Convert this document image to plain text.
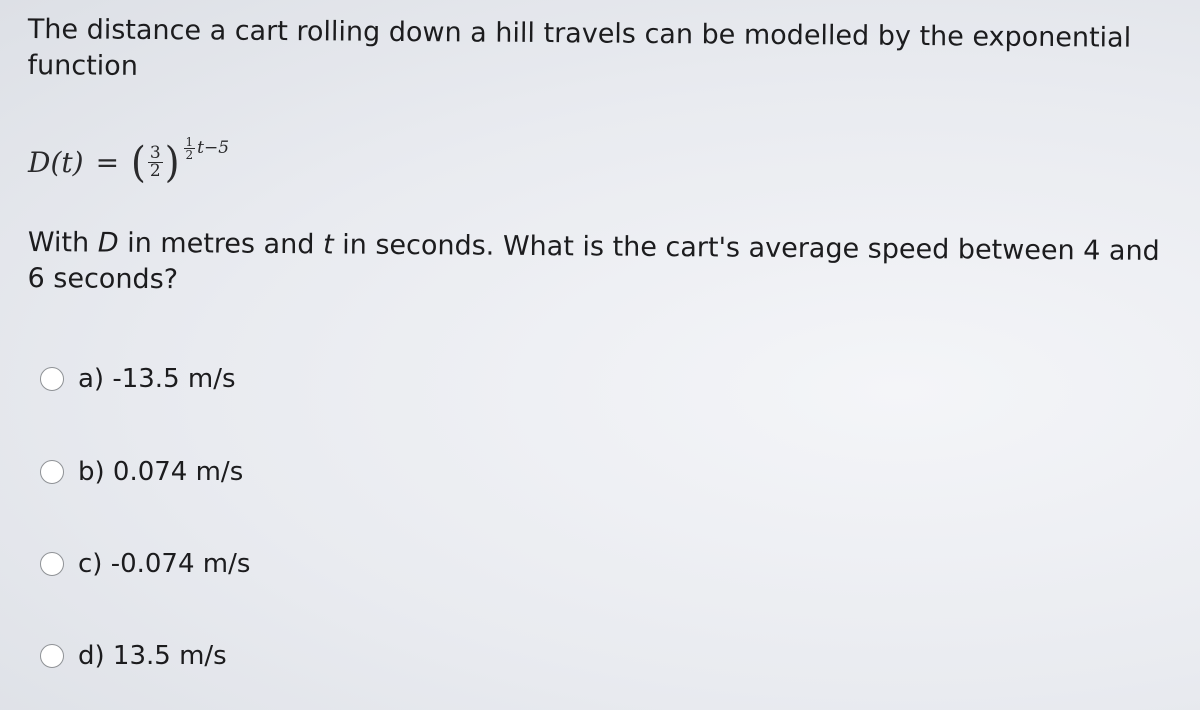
The distance a cart rolling down a hill travels can be modelled by the exponential function

D(t) = ( $\frac{3}{2}$ ) $\frac{1}{2} t-5$

With D in metres and t in seconds. What is the cart's average speed between 4 and 6 seconds?

a) -13.5 m/s
b) 0.074 m/s
c) -0.074 m/s
d) 13.5 m/s
